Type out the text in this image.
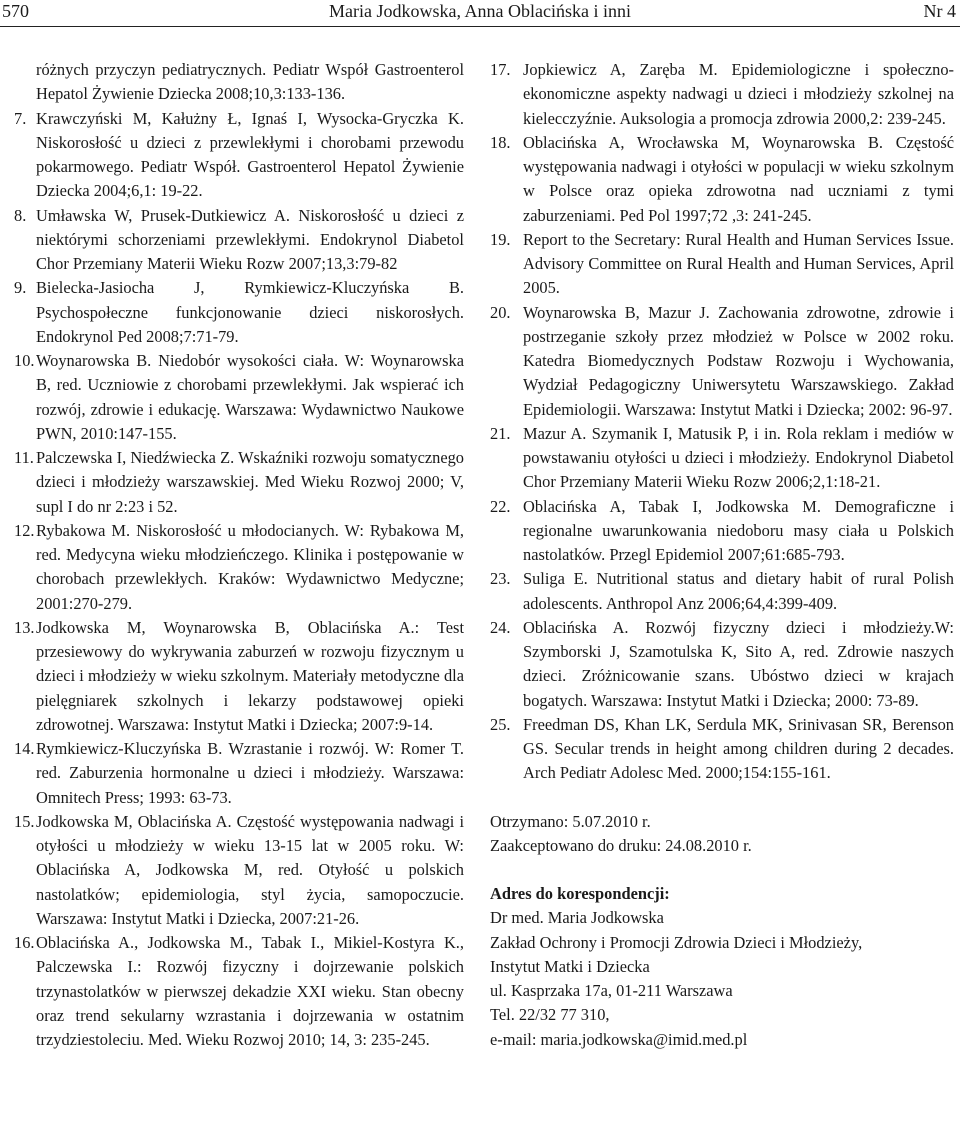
570	Maria Jodkowska, Anna Oblacińska i inni	Nr 4
różnych przyczyn pediatrycznych. Pediatr Współ Gastroenterol Hepatol Żywienie Dziecka 2008;10,3:133-136.
7. Krawczyński M, Kałużny Ł, Ignaś I, Wysocka-Gryczka K. Niskorosłość u dzieci z przewlekłymi i chorobami przewodu pokarmowego. Pediatr Współ. Gastroenterol Hepatol Żywienie Dziecka 2004;6,1: 19-22.
8. Umławska W, Prusek-Dutkiewicz A. Niskorosłość u dzieci z niektórymi schorzeniami przewlekłymi. Endokrynol Diabetol Chor Przemiany Materii Wieku Rozw 2007;13,3:79-82
9. Bielecka-Jasiocha J, Rymkiewicz-Kluczyńska B. Psychospołeczne funkcjonowanie dzieci niskorosłych. Endokrynol Ped 2008;7:71-79.
10. Woynarowska B. Niedobór wysokości ciała. W: Woynarowska B, red. Uczniowie z chorobami przewlekłymi. Jak wspierać ich rozwój, zdrowie i edukację. Warszawa: Wydawnictwo Naukowe PWN, 2010:147-155.
11. Palczewska I, Niedźwiecka Z. Wskaźniki rozwoju somatycznego dzieci i młodzieży warszawskiej. Med Wieku Rozwoj 2000; V, supl I do nr 2:23 i 52.
12. Rybakowa M. Niskorosłość u młodocianych. W: Rybakowa M, red. Medycyna wieku młodzieńczego. Klinika i postępowanie w chorobach przewlekłych. Kraków: Wydawnictwo Medyczne; 2001:270-279.
13. Jodkowska M, Woynarowska B, Oblacińska A.: Test przesiewowy do wykrywania zaburzeń w rozwoju fizycznym u dzieci i młodzieży w wieku szkolnym. Materiały metodyczne dla pielęgniarek szkolnych i lekarzy podstawowej opieki zdrowotnej. Warszawa: Instytut Matki i Dziecka; 2007:9-14.
14. Rymkiewicz-Kluczyńska B. Wzrastanie i rozwój. W: Romer T. red. Zaburzenia hormonalne u dzieci i młodzieży. Warszawa: Omnitech Press; 1993: 63-73.
15. Jodkowska M, Oblacińska A. Częstość występowania nadwagi i otyłości u młodzieży w wieku 13-15 lat w 2005 roku. W: Oblacińska A, Jodkowska M, red. Otyłość u polskich nastolatków; epidemiologia, styl życia, samopoczucie. Warszawa: Instytut Matki i Dziecka, 2007:21-26.
16. Oblacińska A., Jodkowska M., Tabak I., Mikiel-Kostyra K., Palczewska I.: Rozwój fizyczny i dojrzewanie polskich trzynastolatków w pierwszej dekadzie XXI wieku. Stan obecny oraz trend sekularny wzrastania i dojrzewania w ostatnim trzydziestoleciu. Med. Wieku Rozwoj 2010; 14, 3: 235-245.
17. Jopkiewicz A, Zaręba M. Epidemiologiczne i społeczno-ekonomiczne aspekty nadwagi u dzieci i młodzieży szkolnej na kielecczyźnie. Auksologia a promocja zdrowia 2000,2: 239-245.
18. Oblacińska A, Wrocławska M, Woynarowska B. Częstość występowania nadwagi i otyłości w populacji w wieku szkolnym w Polsce oraz opieka zdrowotna nad uczniami z tymi zaburzeniami. Ped Pol 1997;72 ,3: 241-245.
19. Report to the Secretary: Rural Health and Human Services Issue. Advisory Committee on Rural Health and Human Services, April 2005.
20. Woynarowska B, Mazur J. Zachowania zdrowotne, zdrowie i postrzeganie szkoły przez młodzież w Polsce w 2002 roku. Katedra Biomedycznych Podstaw Rozwoju i Wychowania, Wydział Pedagogiczny Uniwersytetu Warszawskiego. Zakład Epidemiologii. Warszawa: Instytut Matki i Dziecka; 2002: 96-97.
21. Mazur A. Szymanik I, Matusik P, i in. Rola reklam i mediów w powstawaniu otyłości u dzieci i młodzieży. Endokrynol Diabetol Chor Przemiany Materii Wieku Rozw 2006;2,1:18-21.
22. Oblacińska A, Tabak I, Jodkowska M. Demograficzne i regionalne uwarunkowania niedoboru masy ciała u Polskich nastolatków. Przegl Epidemiol 2007;61:685-793.
23. Suliga E. Nutritional status and dietary habit of rural Polish adolescents. Anthropol Anz 2006;64,4:399-409.
24. Oblacińska A. Rozwój fizyczny dzieci i młodzieży.W: Szymborski J, Szamotulska K, Sito A, red. Zdrowie naszych dzieci. Zróżnicowanie szans. Ubóstwo dzieci w krajach bogatych. Warszawa: Instytut Matki i Dziecka; 2000: 73-89.
25. Freedman DS, Khan LK, Serdula MK, Srinivasan SR, Berenson GS. Secular trends in height among children during 2 decades. Arch Pediatr Adolesc Med. 2000;154:155-161.
Otrzymano: 5.07.2010 r.
Zaakceptowano do druku: 24.08.2010 r.
Adres do korespondencji:
Dr med. Maria Jodkowska
Zakład Ochrony i Promocji Zdrowia Dzieci i Młodzieży,
Instytut Matki i Dziecka
ul. Kasprzaka 17a, 01-211 Warszawa
Tel. 22/32 77 310,
e-mail: maria.jodkowska@imid.med.pl
